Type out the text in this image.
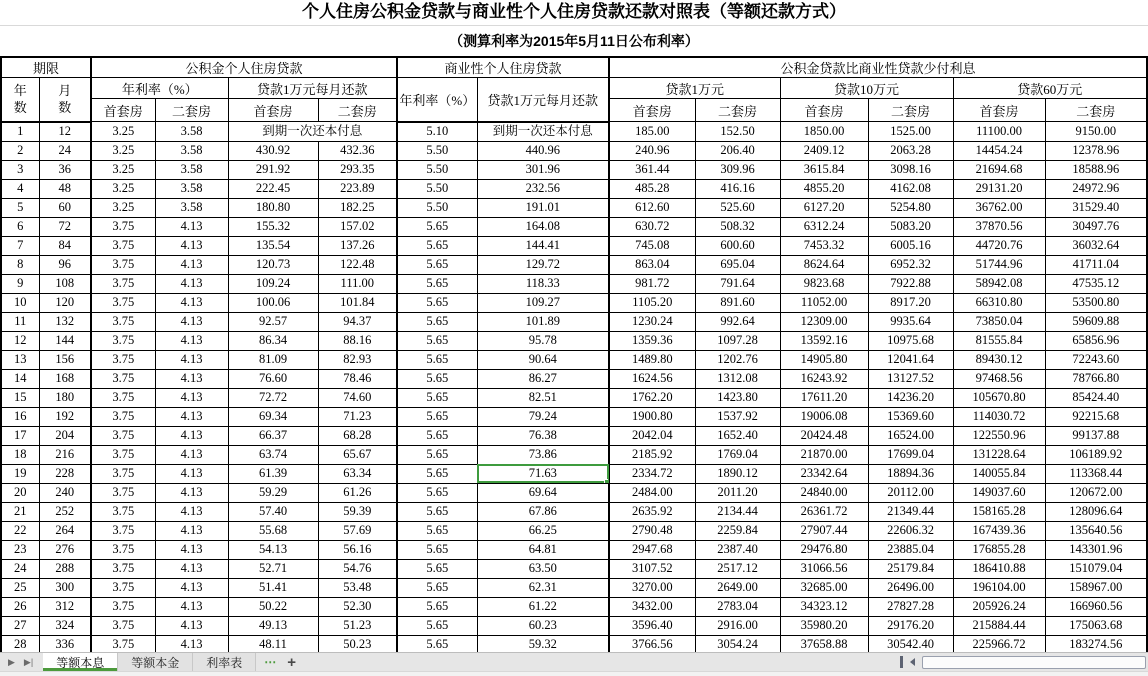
个人住房公积金贷款与商业性个人住房贷款还款对照表（等额还款方式）
（测算利率为2015年5月11日公布利率）
期限		公积金个人住房贷款				商业性个人住房贷款		公积金贷款比商业性贷款少付利息					
年数	月数	年利率（%）		贷款1万元每月还款		年利率（%）	贷款1万元每月还款	贷款1万元		贷款10万元		贷款60万元	
		首套房	二套房	首套房	二套房			首套房	二套房	首套房	二套房	首套房	二套房
1	12	3.25	3.58	到期一次还本付息		5.10	到期一次还本付息	185.00	152.50	1850.00	1525.00	11100.00	9150.00
2	24	3.25	3.58	430.92	432.36	5.50	440.96	240.96	206.40	2409.12	2063.28	14454.24	12378.96
3	36	3.25	3.58	291.92	293.35	5.50	301.96	361.44	309.96	3615.84	3098.16	21694.68	18588.96
4	48	3.25	3.58	222.45	223.89	5.50	232.56	485.28	416.16	4855.20	4162.08	29131.20	24972.96
5	60	3.25	3.58	180.80	182.25	5.50	191.01	612.60	525.60	6127.20	5254.80	36762.00	31529.40
6	72	3.75	4.13	155.32	157.02	5.65	164.08	630.72	508.32	6312.24	5083.20	37870.56	30497.76
7	84	3.75	4.13	135.54	137.26	5.65	144.41	745.08	600.60	7453.32	6005.16	44720.76	36032.64
8	96	3.75	4.13	120.73	122.48	5.65	129.72	863.04	695.04	8624.64	6952.32	51744.96	41711.04
9	108	3.75	4.13	109.24	111.00	5.65	118.33	981.72	791.64	9823.68	7922.88	58942.08	47535.12
10	120	3.75	4.13	100.06	101.84	5.65	109.27	1105.20	891.60	11052.00	8917.20	66310.80	53500.80
11	132	3.75	4.13	92.57	94.37	5.65	101.89	1230.24	992.64	12309.00	9935.64	73850.04	59609.88
12	144	3.75	4.13	86.34	88.16	5.65	95.78	1359.36	1097.28	13592.16	10975.68	81555.84	65856.96
13	156	3.75	4.13	81.09	82.93	5.65	90.64	1489.80	1202.76	14905.80	12041.64	89430.12	72243.60
14	168	3.75	4.13	76.60	78.46	5.65	86.27	1624.56	1312.08	16243.92	13127.52	97468.56	78766.80
15	180	3.75	4.13	72.72	74.60	5.65	82.51	1762.20	1423.80	17611.20	14236.20	105670.80	85424.40
16	192	3.75	4.13	69.34	71.23	5.65	79.24	1900.80	1537.92	19006.08	15369.60	114030.72	92215.68
17	204	3.75	4.13	66.37	68.28	5.65	76.38	2042.04	1652.40	20424.48	16524.00	122550.96	99137.88
18	216	3.75	4.13	63.74	65.67	5.65	73.86	2185.92	1769.04	21870.00	17699.04	131228.64	106189.92
19	228	3.75	4.13	61.39	63.34	5.65	71.63	2334.72	1890.12	23342.64	18894.36	140055.84	113368.44
20	240	3.75	4.13	59.29	61.26	5.65	69.64	2484.00	2011.20	24840.00	20112.00	149037.60	120672.00
21	252	3.75	4.13	57.40	59.39	5.65	67.86	2635.92	2134.44	26361.72	21349.44	158165.28	128096.64
22	264	3.75	4.13	55.68	57.69	5.65	66.25	2790.48	2259.84	27907.44	22606.32	167439.36	135640.56
23	276	3.75	4.13	54.13	56.16	5.65	64.81	2947.68	2387.40	29476.80	23885.04	176855.28	143301.96
24	288	3.75	4.13	52.71	54.76	5.65	63.50	3107.52	2517.12	31066.56	25179.84	186410.88	151079.04
25	300	3.75	4.13	51.41	53.48	5.65	62.31	3270.00	2649.00	32685.00	26496.00	196104.00	158967.00
26	312	3.75	4.13	50.22	52.30	5.65	61.22	3432.00	2783.04	34323.12	27827.28	205926.24	166960.56
27	324	3.75	4.13	49.13	51.23	5.65	60.23	3596.40	2916.00	35980.20	29176.20	215884.44	175063.68
28	336	3.75	4.13	48.11	50.23	5.65	59.32	3766.56	3054.24	37658.88	30542.40	225966.72	183274.56

▶ ▶|	等额本息	等额本金	利率表	⋯ +
